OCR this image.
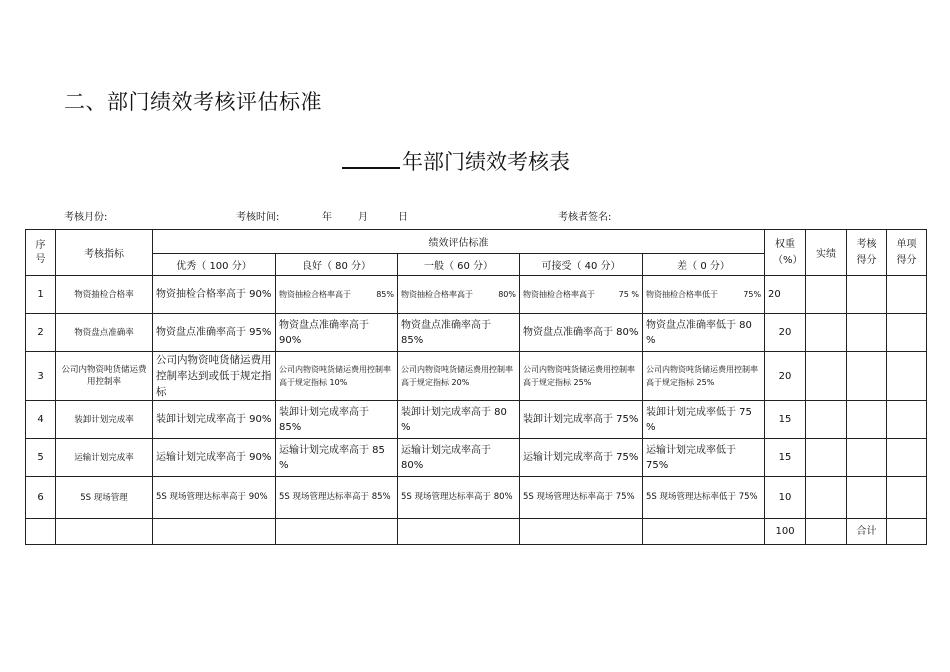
二、部门绩效考核评估标准
年部门绩效考核表
考核月份:	考核时间:	年	月	日	考核者签名:
序号	考核指标	绩效评估标准					权重（%）	实绩	考核得分	单项得分

		优秀（ 100 分）	良好（ 80 分）	一般（ 60 分）	可接受（ 40 分）	差（ 0 分）				
1	物资抽检合格率	物资抽检合格率高于 90%	物资抽检合格率高于 85%	物资抽检合格率高于 80%	物资抽检合格率高于 75 %	物资抽检合格率低于 75%	20			
2	物资盘点准确率	物资盘点准确率高于 95%	物资盘点准确率高于 90%	物资盘点准确率高于 85%	物资盘点准确率高于 80%	物资盘点准确率低于 80 %	20			
3	公司内物资吨货储运费用控制率	公司内物资吨货储运费用控制率达到或低于规定指标	公司内物资吨货储运费用控制率高于规定指标 10%	公司内物资吨货储运费用控制率高于规定指标 20%	公司内物资吨货储运费用控制率高于规定指标 25%	公司内物资吨货储运费用控制率高于规定指标 25%	20			
4	装卸计划完成率	装卸计划完成率高于 90%	装卸计划完成率高于 85%	装卸计划完成率高于 80 %	装卸计划完成率高于 75%	装卸计划完成率低于 75 %	15			
5	运输计划完成率	运输计划完成率高于 90%	运输计划完成率高于 85 %	运输计划完成率高于 80%	运输计划完成率高于 75%	运输计划完成率低于 75%	15			
6	5S 现场管理	5S 现场管理达标率高于 90%	5S 现场管理达标率高于 85%	5S 现场管理达标率高于 80%	5S 现场管理达标率高于 75%	5S 现场管理达标率低于 75%	10			
							100		合计	
